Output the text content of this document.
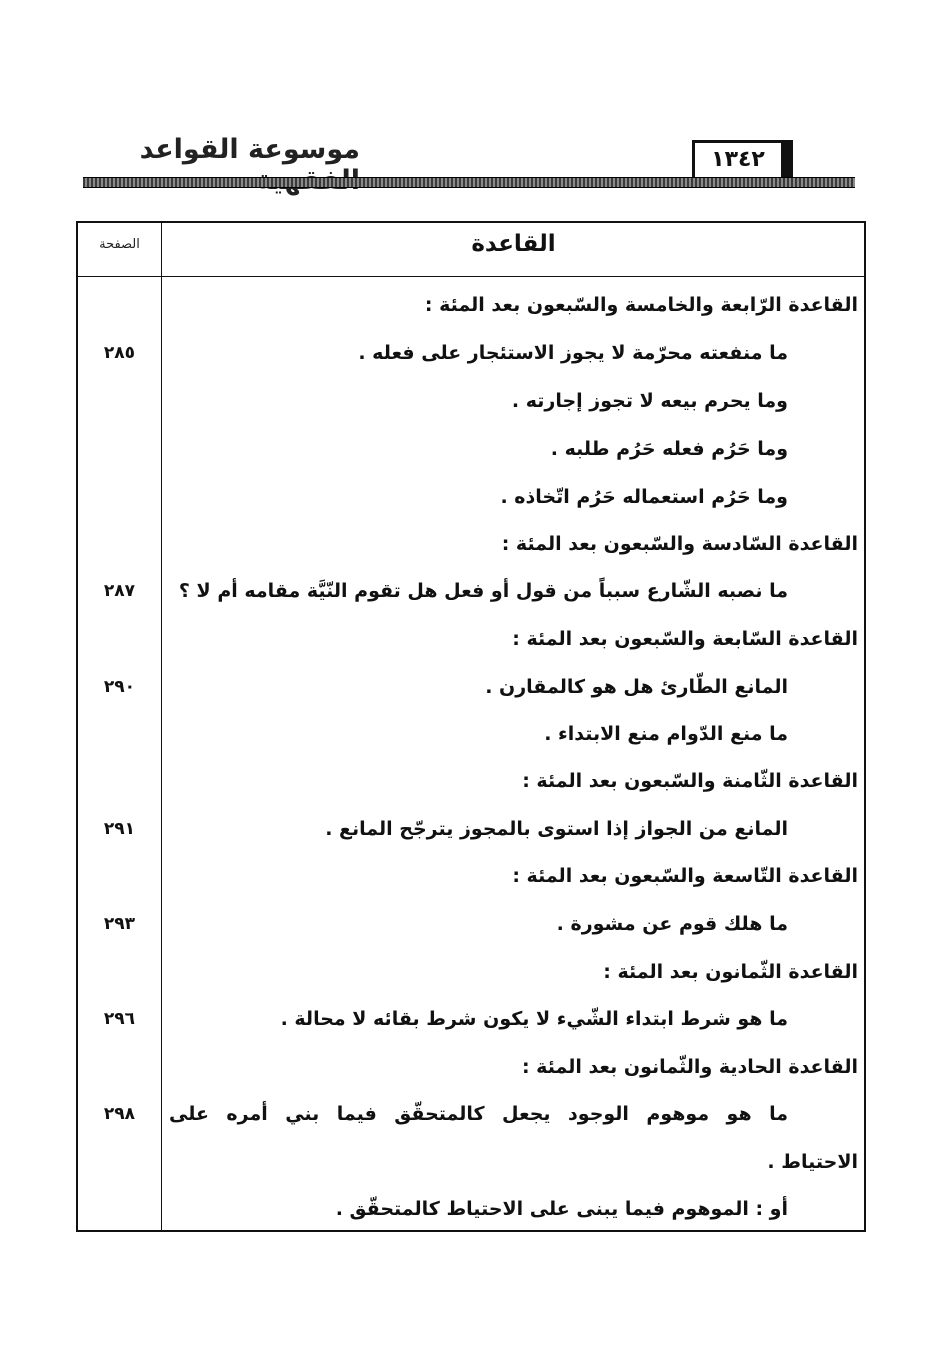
موسوعة القواعد	١٣٤٢
الصفحة	القاعدة
القاعدة الرّابعة والخامسة والسّبعون بعد المئة :
٢٨٥	ما منفعته محرّمة لا يجوز الاستئجار على فعله .
وما يحرم بيعه لا تجوز إجارته .
وما حَرُم فعله حَرُم طلبه .
وما حَرُم استعماله حَرُم اتّخاذه .
القاعدة السّادسة والسّبعون بعد المئة :
٢٨٧	ما نصبه الشّارع سبباً من قول أو فعل هل تقوم النّيَّة مقامه أم لا ؟
القاعدة السّابعة والسّبعون بعد المئة :
٢٩٠	المانع الطّارئ هل هو كالمقارن .
ما منع الدّوام منع الابتداء .
القاعدة الثّامنة والسّبعون بعد المئة :
٢٩١	المانع من الجواز إذا استوى بالمجوز يترجّح المانع .
القاعدة التّاسعة والسّبعون بعد المئة :
٢٩٣	ما هلك قوم عن مشورة .
القاعدة الثّمانون بعد المئة :
٢٩٦	ما هو شرط ابتداء الشّيء لا يكون شرط بقائه لا محالة .
القاعدة الحادية والثّمانون بعد المئة :
٢٩٨	ما هو موهوم الوجود يجعل كالمتحقّق فيما بني أمره على
الاحتياط .
أو : الموهوم فيما يبنى على الاحتياط كالمتحقّق .
